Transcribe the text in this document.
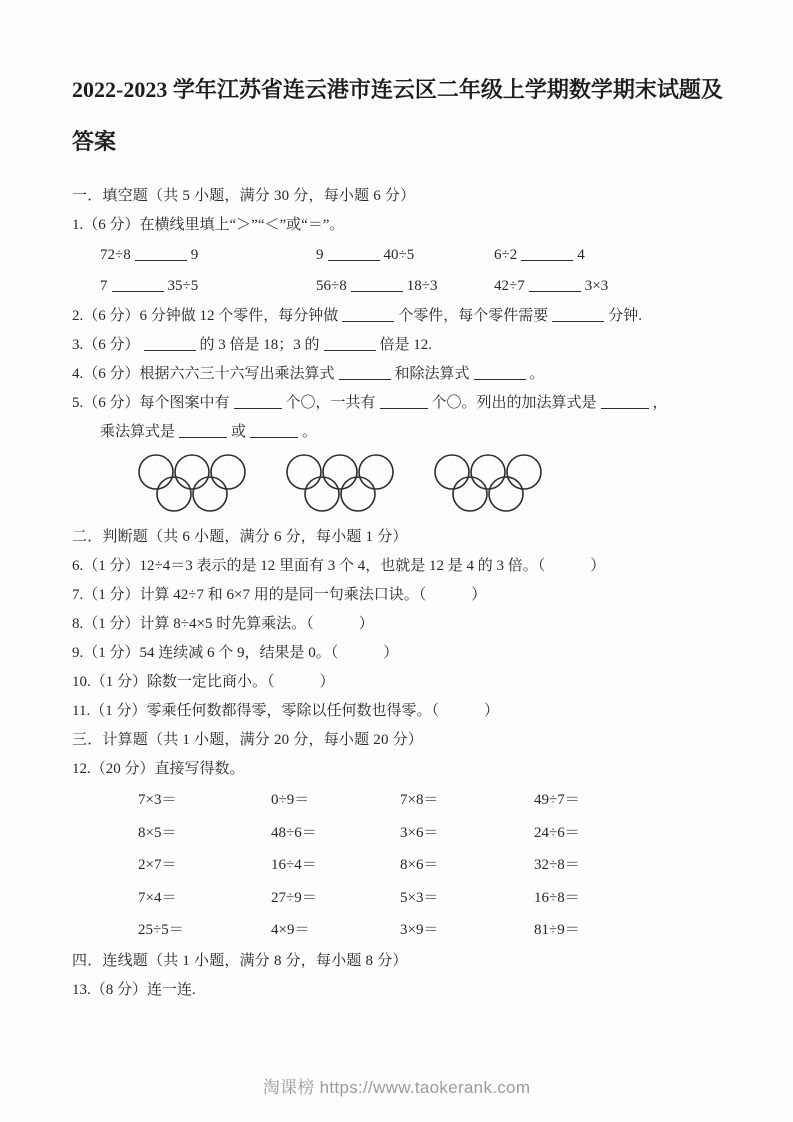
2022-2023 学年江苏省连云港市连云区二年级上学期数学期末试题及答案

一．填空题（共 5 小题，满分 30 分，每小题 6 分）

1.（6 分）在横线里填上“＞”“＜”或“＝”。

72÷8	9	9	40÷5	6÷2	4
7	35÷5	56÷8	18÷3	42÷7	3×3

2.（6 分）6 分钟做 12 个零件，每分钟做	个零件，每个零件需要	分钟.

3.（6 分）	的 3 倍是 18；3 的	倍是 12.

4.（6 分）根据六六三十六写出乘法算式	和除法算式	。

5.（6 分）每个图案中有	个〇，一共有	个〇。列出的加法算式是	，

乘法算式是	或	。

二．判断题（共 6 小题，满分 6 分，每小题 1 分）

6.（1 分）12÷4＝3 表示的是 12 里面有 3 个 4，也就是 12 是 4 的 3 倍。（　　　）

7.（1 分）计算 42÷7 和 6×7 用的是同一句乘法口诀。（　　　）

8.（1 分）计算 8÷4×5 时先算乘法。（　　　）

9.（1 分）54 连续减 6 个 9，结果是 0。（　　　）

10.（1 分）除数一定比商小。（　　　）

11.（1 分）零乘任何数都得零，零除以任何数也得零。（　　　）

三．计算题（共 1 小题，满分 20 分，每小题 20 分）

12.（20 分）直接写得数。

7×3＝	0÷9＝	7×8＝	49÷7＝
8×5＝	48÷6＝	3×6＝	24÷6＝
2×7＝	16÷4＝	8×6＝	32÷8＝
7×4＝	27÷9＝	5×3＝	16÷8＝
25÷5＝	4×9＝	3×9＝	81÷9＝

四．连线题（共 1 小题，满分 8 分，每小题 8 分）

13.（8 分）连一连.

淘课榜 https://www.taokerank.com
